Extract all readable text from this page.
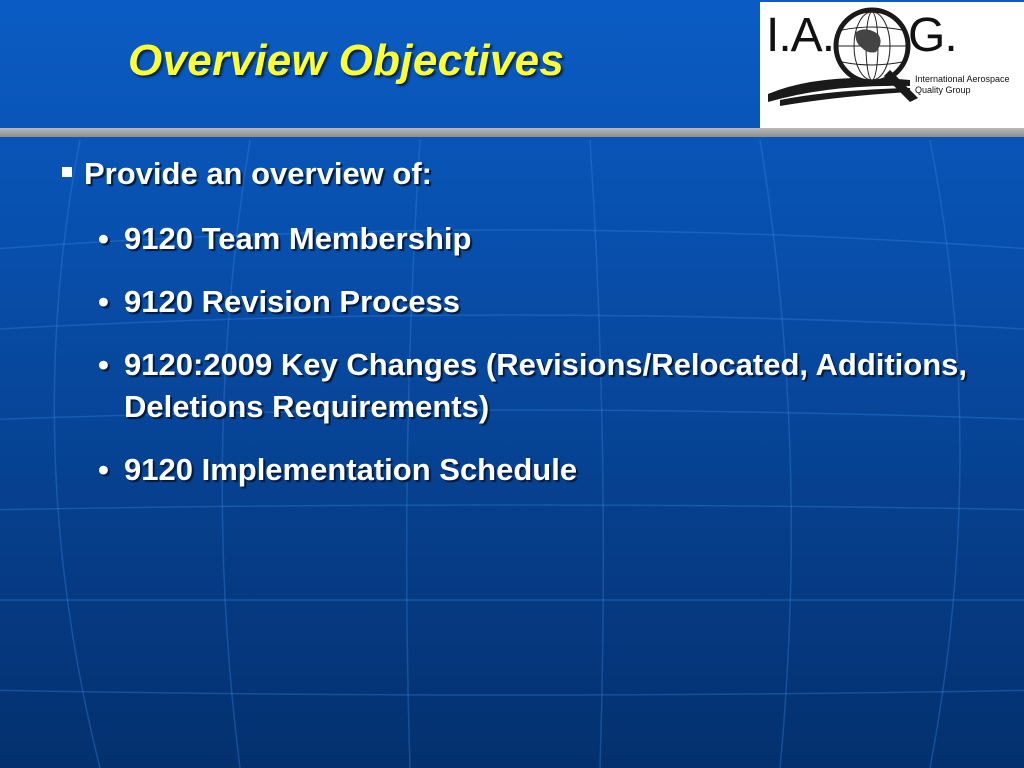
Overview Objectives	I.A. G.
International Aerospace
Quality Group
Provide an overview of:
• 9120 Team Membership
• 9120 Revision Process
• 9120:2009 Key Changes (Revisions/Relocated, Additions, Deletions Requirements)
• 9120 Implementation Schedule
